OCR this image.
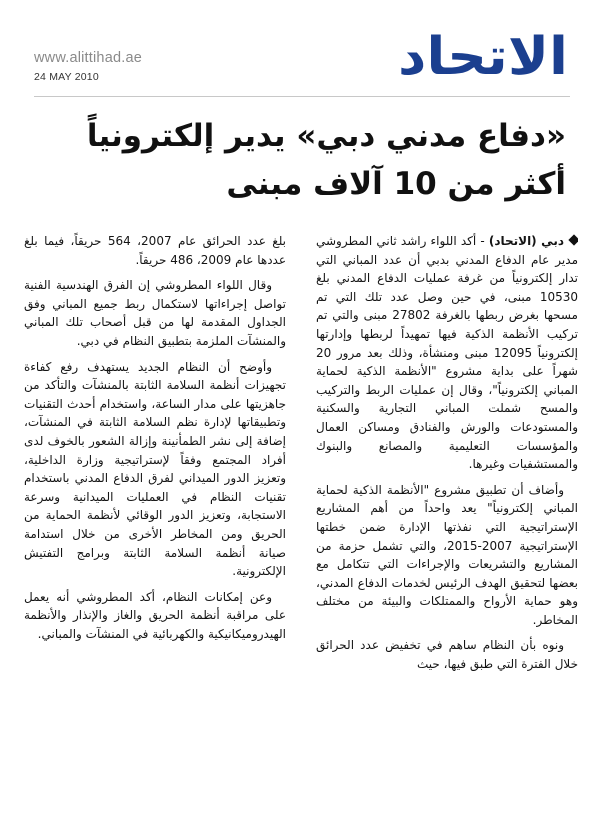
www.alittihad.ae
24 MAY 2010	الاتحاد
«دفاع مدني دبي» يدير إلكترونياً
أكثر من 10 آلاف مبنى

دبي (الاتحاد) - أكد اللواء راشد ثاني المطروشي مدير عام الدفاع المدني بدبي أن عدد المباني التي تدار إلكترونياً من غرفة عمليات الدفاع المدني بلغ 10530 مبنى، في حين وصل عدد تلك التي تم مسحها بغرض ربطها بالغرفة 27802 مبنى والتي تم تركيب الأنظمة الذكية فيها تمهيداً لربطها وإدارتها إلكترونياً 12095 مبنى ومنشأة، وذلك بعد مرور 20 شهراً على بداية مشروع "الأنظمة الذكية لحماية المباني إلكترونياً"، وقال إن عمليات الربط والتركيب والمسح شملت المباني التجارية والسكنية والمستودعات والورش والفنادق ومساكن العمال والمؤسسات التعليمية والمصانع والبنوك والمستشفيات وغيرها.

وأضاف أن تطبيق مشروع "الأنظمة الذكية لحماية المباني إلكترونياً" يعد واحداً من أهم المشاريع الإستراتيجية التي نفذتها الإدارة ضمن خطتها الإستراتيجية 2007-2015، والتي تشمل حزمة من المشاريع والتشريعات والإجراءات التي تتكامل مع بعضها لتحقيق الهدف الرئيس لخدمات الدفاع المدني، وهو حماية الأرواح والممتلكات والبيئة من مختلف المخاطر.

ونوه بأن النظام ساهم في تخفيض عدد الحرائق خلال الفترة التي طبق فيها، حيث

بلغ عدد الحرائق عام 2007، 564 حريقاً، فيما بلغ عددها عام 2009، 486 حريقاً.

وقال اللواء المطروشي إن الفرق الهندسية الفنية تواصل إجراءاتها لاستكمال ربط جميع المباني وفق الجداول المقدمة لها من قبل أصحاب تلك المباني والمنشآت الملزمة بتطبيق النظام في دبي.

وأوضح أن النظام الجديد يستهدف رفع كفاءة تجهيزات أنظمة السلامة الثابتة بالمنشآت والتأكد من جاهزيتها على مدار الساعة، واستخدام أحدث التقنيات وتطبيقاتها لإدارة نظم السلامة الثابتة في المنشآت، إضافة إلى نشر الطمأنينة وإزالة الشعور بالخوف لدى أفراد المجتمع وفقاً لإستراتيجية وزارة الداخلية، وتعزيز الدور الميداني لفرق الدفاع المدني باستخدام تقنيات النظام في العمليات الميدانية وسرعة الاستجابة، وتعزيز الدور الوقائي لأنظمة الحماية من الحريق ومن المخاطر الأخرى من خلال استدامة صيانة أنظمة السلامة الثابتة وبرامج التفتيش الإلكترونية.

وعن إمكانات النظام، أكد المطروشي أنه يعمل على مراقبة أنظمة الحريق والغاز والإنذار والأنظمة الهيدروميكانيكية والكهربائية في المنشآت والمباني.
